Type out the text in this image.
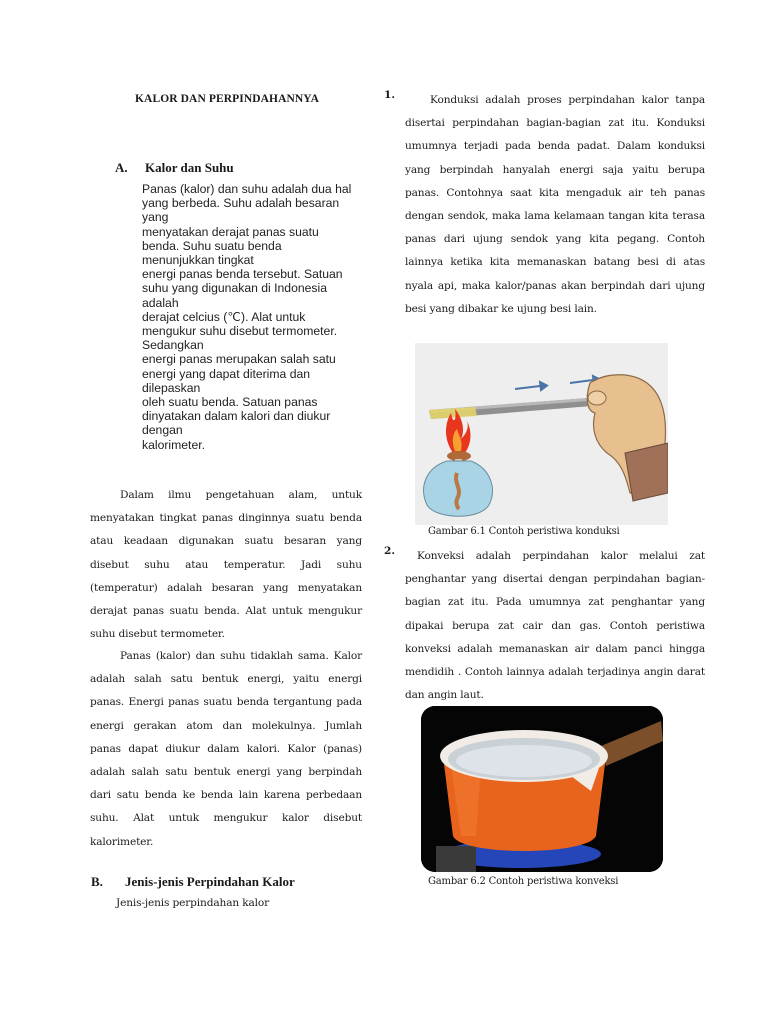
KALOR DAN PERPINDAHANNYA
A. Kalor dan Suhu
Panas (kalor) dan suhu adalah dua hal
yang berbeda. Suhu adalah besaran
yang
menyatakan derajat panas suatu
benda. Suhu suatu benda
menunjukkan tingkat
energi panas benda tersebut. Satuan
suhu yang digunakan di Indonesia
adalah
derajat celcius (℃). Alat untuk
mengukur suhu disebut termometer.
Sedangkan
energi panas merupakan salah satu
energi yang dapat diterima dan
dilepaskan
oleh suatu benda. Satuan panas
dinyatakan dalam kalori dan diukur
dengan
kalorimeter.
Dalam ilmu pengetahuan alam, untuk menyatakan tingkat panas dinginnya suatu benda atau keadaan digunakan suatu besaran yang disebut suhu atau temperatur. Jadi suhu (temperatur) adalah besaran yang menyatakan derajat panas suatu benda. Alat untuk mengukur suhu disebut termometer.
Panas (kalor) dan suhu tidaklah sama. Kalor adalah salah satu bentuk energi, yaitu energi panas. Energi panas suatu benda tergantung pada energi gerakan atom dan molekulnya. Jumlah panas dapat diukur dalam kalori. Kalor (panas) adalah salah satu bentuk energi yang berpindah dari satu benda ke benda lain karena perbedaan suhu. Alat untuk mengukur kalor disebut kalorimeter.
B. Jenis-jenis Perpindahan Kalor
Jenis-jenis perpindahan kalor
1.	Konduksi adalah proses perpindahan kalor tanpa disertai perpindahan bagian-bagian zat itu. Konduksi umumnya terjadi pada benda padat. Dalam konduksi yang berpindah hanyalah energi saja yaitu berupa panas. Contohnya saat kita mengaduk air teh panas dengan sendok, maka lama kelamaan tangan kita terasa panas dari ujung sendok yang kita pegang. Contoh lainnya ketika kita memanaskan batang besi di atas nyala api, maka kalor/panas akan berpindah dari ujung besi yang dibakar ke ujung besi lain.
Gambar 6.1 Contoh peristiwa konduksi
2.	Konveksi adalah perpindahan kalor melalui zat penghantar yang disertai dengan perpindahan bagian-bagian zat itu. Pada umumnya zat penghantar yang dipakai berupa zat cair dan gas. Contoh peristiwa konveksi adalah memanaskan air dalam panci hingga mendidih . Contoh lainnya adalah terjadinya angin darat dan angin laut.
Gambar 6.2 Contoh peristiwa konveksi
